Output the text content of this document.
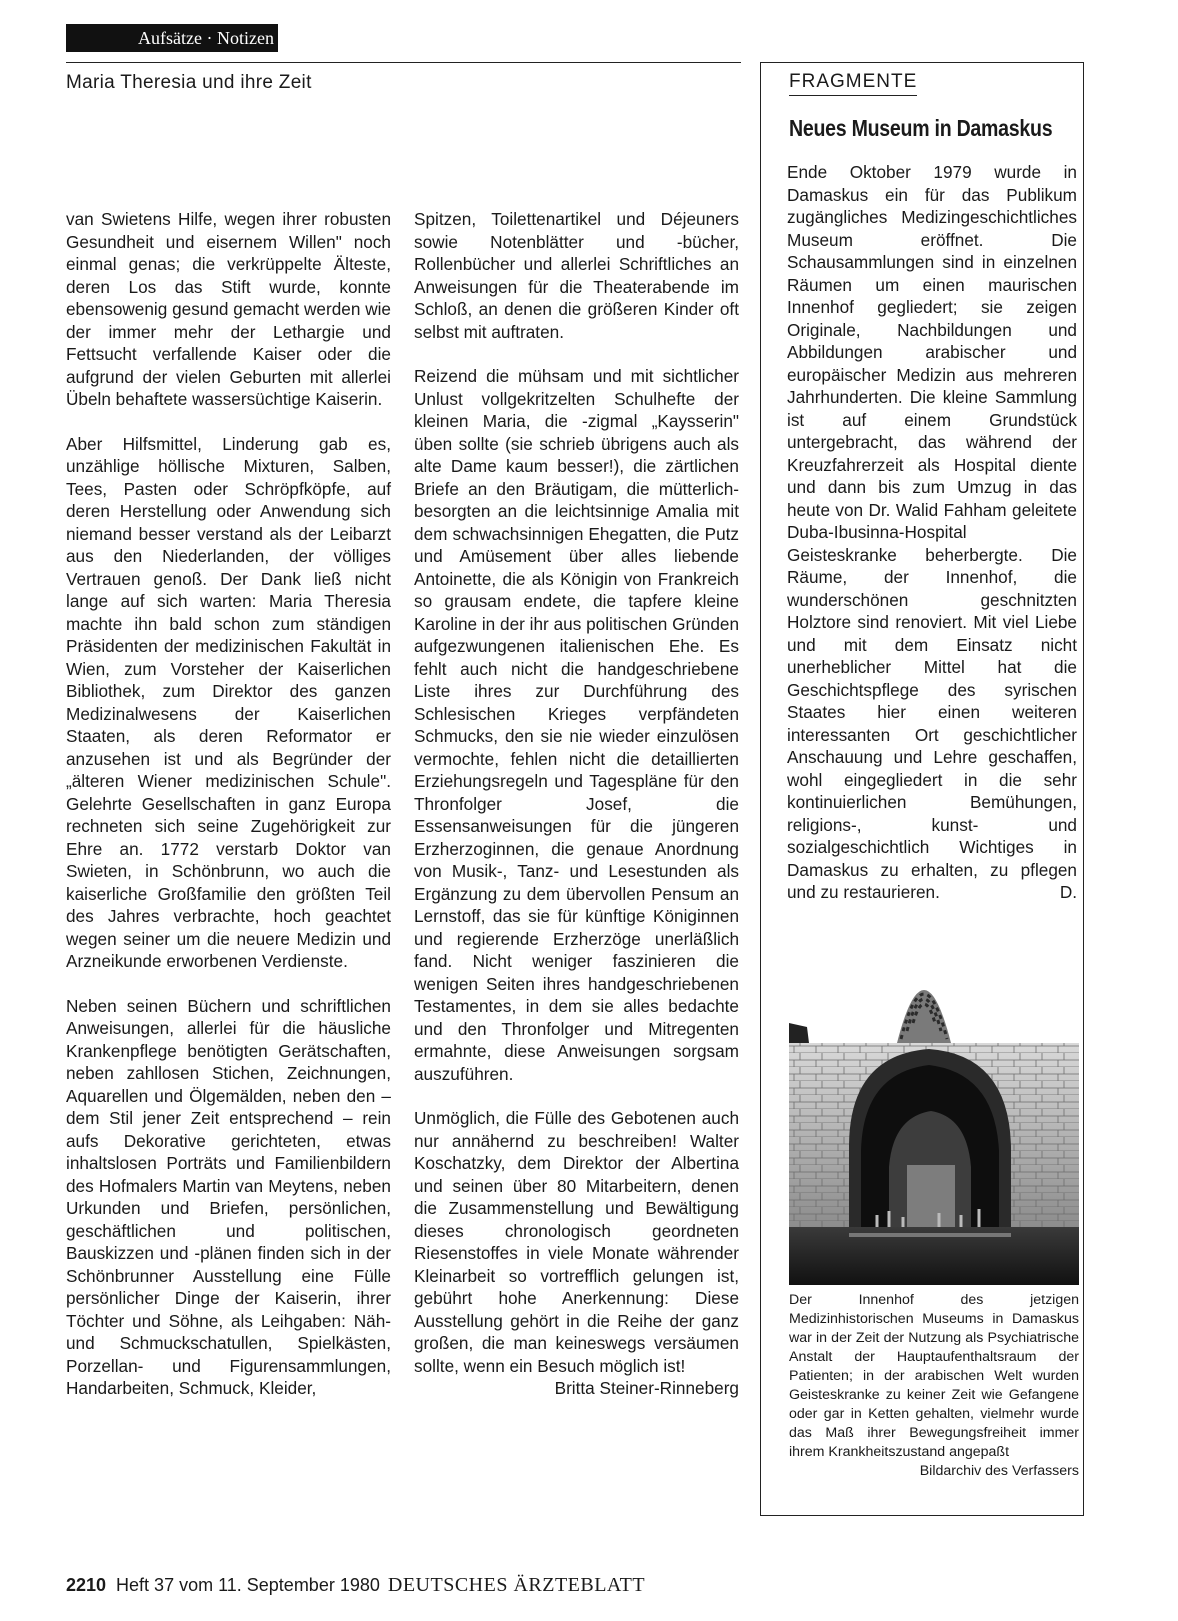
Aufsätze · Notizen
Maria Theresia und ihre Zeit

van Swietens Hilfe, wegen ihrer robusten Gesundheit und eisernem Willen" noch einmal genas; die verkrüppelte Älteste, deren Los das Stift wurde, konnte ebensowenig gesund gemacht werden wie der immer mehr der Lethargie und Fettsucht verfallende Kaiser oder die aufgrund der vielen Geburten mit allerlei Übeln behaftete wassersüchtige Kaiserin.

Aber Hilfsmittel, Linderung gab es, unzählige höllische Mixturen, Salben, Tees, Pasten oder Schröpfköpfe, auf deren Herstellung oder Anwendung sich niemand besser verstand als der Leibarzt aus den Niederlanden, der völliges Vertrauen genoß. Der Dank ließ nicht lange auf sich warten: Maria Theresia machte ihn bald schon zum ständigen Präsidenten der medizinischen Fakultät in Wien, zum Vorsteher der Kaiserlichen Bibliothek, zum Direktor des ganzen Medizinalwesens der Kaiserlichen Staaten, als deren Reformator er anzusehen ist und als Begründer der „älteren Wiener medizinischen Schule". Gelehrte Gesellschaften in ganz Europa rechneten sich seine Zugehörigkeit zur Ehre an. 1772 verstarb Doktor van Swieten, in Schönbrunn, wo auch die kaiserliche Großfamilie den größten Teil des Jahres verbrachte, hoch geachtet wegen seiner um die neuere Medizin und Arzneikunde erworbenen Verdienste.

Neben seinen Büchern und schriftlichen Anweisungen, allerlei für die häusliche Krankenpflege benötigten Gerätschaften, neben zahllosen Stichen, Zeichnungen, Aquarellen und Ölgemälden, neben den – dem Stil jener Zeit entsprechend – rein aufs Dekorative gerichteten, etwas inhaltslosen Porträts und Familienbildern des Hofmalers Martin van Meytens, neben Urkunden und Briefen, persönlichen, geschäftlichen und politischen, Bauskizzen und -plänen finden sich in der Schönbrunner Ausstellung eine Fülle persönlicher Dinge der Kaiserin, ihrer Töchter und Söhne, als Leihgaben: Näh- und Schmuckschatullen, Spielkästen, Porzellan- und Figurensammlungen, Handarbeiten, Schmuck, Kleider,

Spitzen, Toilettenartikel und Déjeuners sowie Notenblätter und -bücher, Rollenbücher und allerlei Schriftliches an Anweisungen für die Theaterabende im Schloß, an denen die größeren Kinder oft selbst mit auftraten.

Reizend die mühsam und mit sichtlicher Unlust vollgekritzelten Schulhefte der kleinen Maria, die -zigmal „Kaysserin" üben sollte (sie schrieb übrigens auch als alte Dame kaum besser!), die zärtlichen Briefe an den Bräutigam, die mütterlich-besorgten an die leichtsinnige Amalia mit dem schwachsinnigen Ehegatten, die Putz und Amüsement über alles liebende Antoinette, die als Königin von Frankreich so grausam endete, die tapfere kleine Karoline in der ihr aus politischen Gründen aufgezwungenen italienischen Ehe. Es fehlt auch nicht die handgeschriebene Liste ihres zur Durchführung des Schlesischen Krieges verpfändeten Schmucks, den sie nie wieder einzulösen vermochte, fehlen nicht die detaillierten Erziehungsregeln und Tagespläne für den Thronfolger Josef, die Essensanweisungen für die jüngeren Erzherzoginnen, die genaue Anordnung von Musik-, Tanz- und Lesestunden als Ergänzung zu dem übervollen Pensum an Lernstoff, das sie für künftige Königinnen und regierende Erzherzöge unerläßlich fand. Nicht weniger faszinieren die wenigen Seiten ihres handgeschriebenen Testamentes, in dem sie alles bedachte und den Thronfolger und Mitregenten ermahnte, diese Anweisungen sorgsam auszuführen.

Unmöglich, die Fülle des Gebotenen auch nur annähernd zu beschreiben! Walter Koschatzky, dem Direktor der Albertina und seinen über 80 Mitarbeitern, denen die Zusammenstellung und Bewältigung dieses chronologisch geordneten Riesenstoffes in viele Monate währender Kleinarbeit so vortrefflich gelungen ist, gebührt hohe Anerkennung: Diese Ausstellung gehört in die Reihe der ganz großen, die man keineswegs versäumen sollte, wenn ein Besuch möglich ist!

Britta Steiner-Rinneberg
FRAGMENTE
Neues Museum in Damaskus

Ende Oktober 1979 wurde in Damaskus ein für das Publikum zugängliches Medizingeschichtliches Museum eröffnet. Die Schausammlungen sind in einzelnen Räumen um einen maurischen Innenhof gegliedert; sie zeigen Originale, Nachbildungen und Abbildungen arabischer und europäischer Medizin aus mehreren Jahrhunderten. Die kleine Sammlung ist auf einem Grundstück untergebracht, das während der Kreuzfahrerzeit als Hospital diente und dann bis zum Umzug in das heute von Dr. Walid Fahham geleitete Duba-Ibusinna-Hospital Geisteskranke beherbergte. Die Räume, der Innenhof, die wunderschönen geschnitzten Holztore sind renoviert. Mit viel Liebe und mit dem Einsatz nicht unerheblicher Mittel hat die Geschichtspflege des syrischen Staates hier einen weiteren interessanten Ort geschichtlicher Anschauung und Lehre geschaffen, wohl eingegliedert in die sehr kontinuierlichen Bemühungen, religions-, kunst- und sozialgeschichtlich Wichtiges in Damaskus zu erhalten, zu pflegen und zu restaurieren.	D.

Der Innenhof des jetzigen Medizinhistorischen Museums in Damaskus war in der Zeit der Nutzung als Psychiatrische Anstalt der Hauptaufenthaltsraum der Patienten; in der arabischen Welt wurden Geisteskranke zu keiner Zeit wie Gefangene oder gar in Ketten gehalten, vielmehr wurde das Maß ihrer Bewegungsfreiheit immer ihrem Krankheitszustand angepaßt
Bildarchiv des Verfassers

2210 Heft 37 vom 11. September 1980 DEUTSCHES ÄRZTEBLATT
